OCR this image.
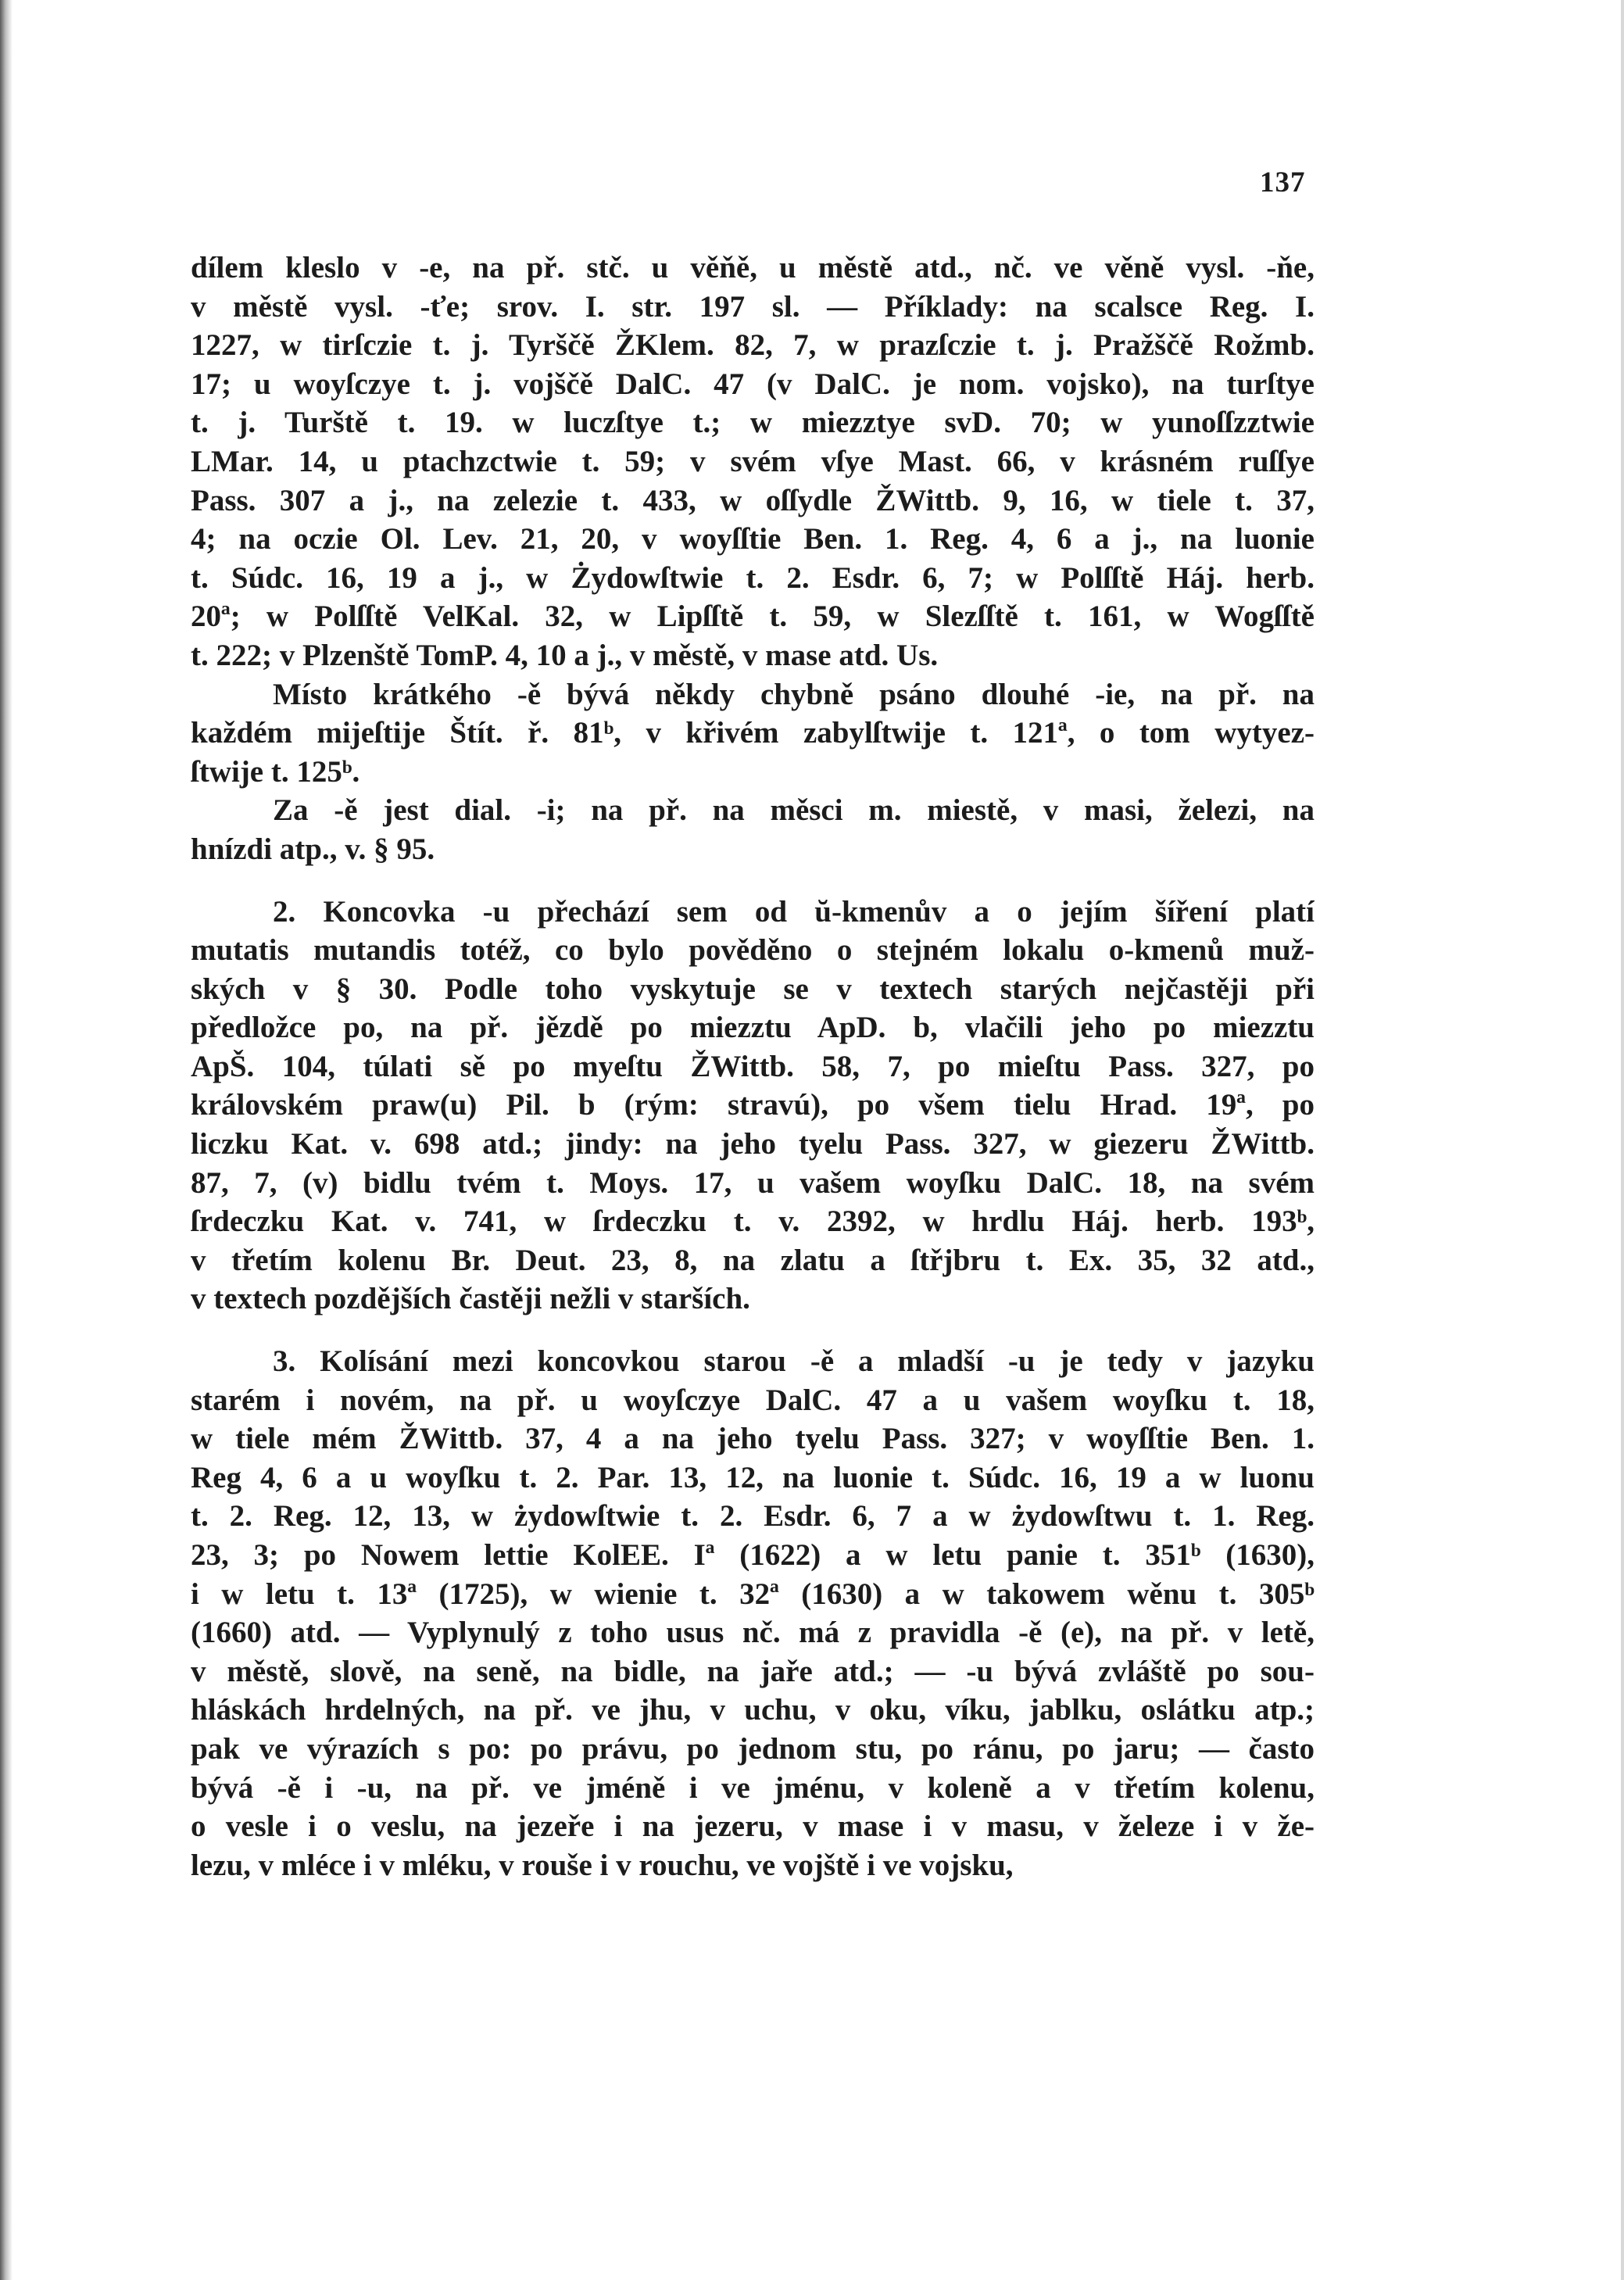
137
dílem kleslo v -e, na př. stč. u věňě, u městě atd., nč. ve věně vysl. -ňe,
v městě vysl. -ťe; srov. I. str. 197 sl. — Příklady: na scalsce Reg. I.
1227, w tirſczie t. j. Tyrščě ŽKlem. 82, 7, w prazſczie t. j. Pražščě Rožmb.
17; u woyſczye t. j. vojščě DalC. 47 (v DalC. je nom. vojsko), na turſtye
t. j. Turště t. 19. w luczſtye t.; w miezztye svD. 70; w yunoſſzztwie
LMar. 14, u ptachzctwie t. 59; v svém vſye Mast. 66, v krásném ruſſye
Pass. 307 a j., na zelezie t. 433, w oſſydle ŽWittb. 9, 16, w tiele t. 37,
4; na oczie Ol. Lev. 21, 20, v woyſſtie Ben. 1. Reg. 4, 6 a j., na luonie
t. Súdc. 16, 19 a j., w Żydowſtwie t. 2. Esdr. 6, 7; w Polſſtě Háj. herb.
20ª; w Polſſtě VelKal. 32, w Lipſſtě t. 59, w Slezſſtě t. 161, w Wogſſtě
t. 222; v Plzenště TomP. 4, 10 a j., v městě, v mase atd. Us.
Místo krátkého -ě bývá někdy chybně psáno dlouhé -ie, na př. na
každém mijeſtije Štít. ř. 81ᵇ, v křivém zabylſtwije t. 121ª, o tom wytyez-
ſtwije t. 125ᵇ.
Za -ě jest dial. -i; na př. na měsci m. miestě, v masi, železi, na
hnízdi atp., v. § 95.
2. Koncovka -u přechází sem od ŭ-kmenův a o jejím šíření platí
mutatis mutandis totéž, co bylo pověděno o stejném lokalu o-kmenů muž-
ských v § 30. Podle toho vyskytuje se v textech starých nejčastěji při
předložce po, na př. jězdě po miezztu ApD. b, vlačili jeho po miezztu
ApŠ. 104, túlati sě po myeſtu ŽWittb. 58, 7, po mieſtu Pass. 327, po
královském praw(u) Pil. b (rým: stravú), po všem tielu Hrad. 19ª, po
liczku Kat. v. 698 atd.; jindy: na jeho tyelu Pass. 327, w giezeru ŽWittb.
87, 7, (v) bidlu tvém t. Moys. 17, u vašem woyſku DalC. 18, na svém
ſrdeczku Kat. v. 741, w ſrdeczku t. v. 2392, w hrdlu Háj. herb. 193ᵇ,
v třetím kolenu Br. Deut. 23, 8, na zlatu a ſtřjbru t. Ex. 35, 32 atd.,
v textech pozdějších častěji nežli v starších.
3. Kolísání mezi koncovkou starou -ě a mladší -u je tedy v jazyku
starém i novém, na př. u woyſczye DalC. 47 a u vašem woyſku t. 18,
w tiele mém ŽWittb. 37, 4 a na jeho tyelu Pass. 327; v woyſſtie Ben. 1.
Reg 4, 6 a u woyſku t. 2. Par. 13, 12, na luonie t. Súdc. 16, 19 a w luonu
t. 2. Reg. 12, 13, w żydowſtwie t. 2. Esdr. 6, 7 a w żydowſtwu t. 1. Reg.
23, 3; po Nowem lettie KolEE. Iª (1622) a w letu panie t. 351ᵇ (1630),
i w letu t. 13ª (1725), w wienie t. 32ª (1630) a w takowem wěnu t. 305ᵇ
(1660) atd. — Vyplynulý z toho usus nč. má z pravidla -ě (e), na př. v letě,
v městě, slově, na seně, na bidle, na jaře atd.; — -u bývá zvláště po sou-
hláskách hrdelných, na př. ve jhu, v uchu, v oku, víku, jablku, oslátku atp.;
pak ve výrazích s po: po právu, po jednom stu, po ránu, po jaru; — často
bývá -ě i -u, na př. ve jméně i ve jménu, v koleně a v třetím kolenu,
o vesle i o veslu, na jezeře i na jezeru, v mase i v masu, v železe i v že-
lezu, v mléce i v mléku, v rouše i v rouchu, ve vojště i ve vojsku,
